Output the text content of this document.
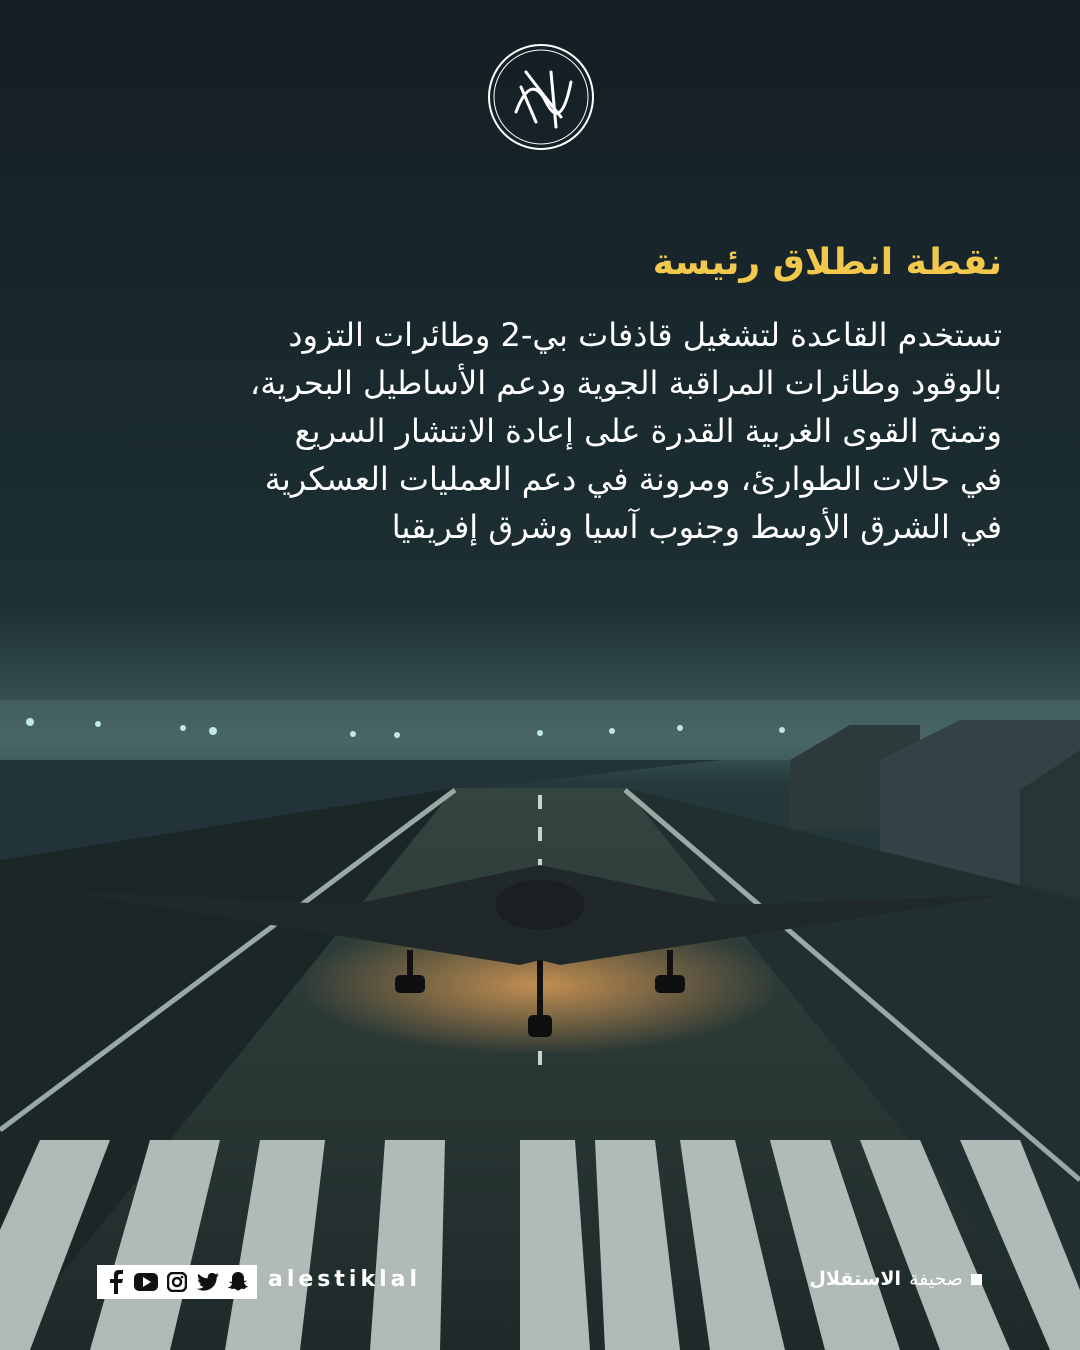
نقطة انطلاق رئيسة

تستخدم القاعدة لتشغيل قاذفات بي-2 وطائرات التزود
بالوقود وطائرات المراقبة الجوية ودعم الأساطيل البحرية،
وتمنح القوى الغربية القدرة على إعادة الانتشار السريع
في حالات الطوارئ، ومرونة في دعم العمليات العسكرية
في الشرق الأوسط وجنوب آسيا وشرق إفريقيا

alestiklal	صحيفة
الاستقلال
